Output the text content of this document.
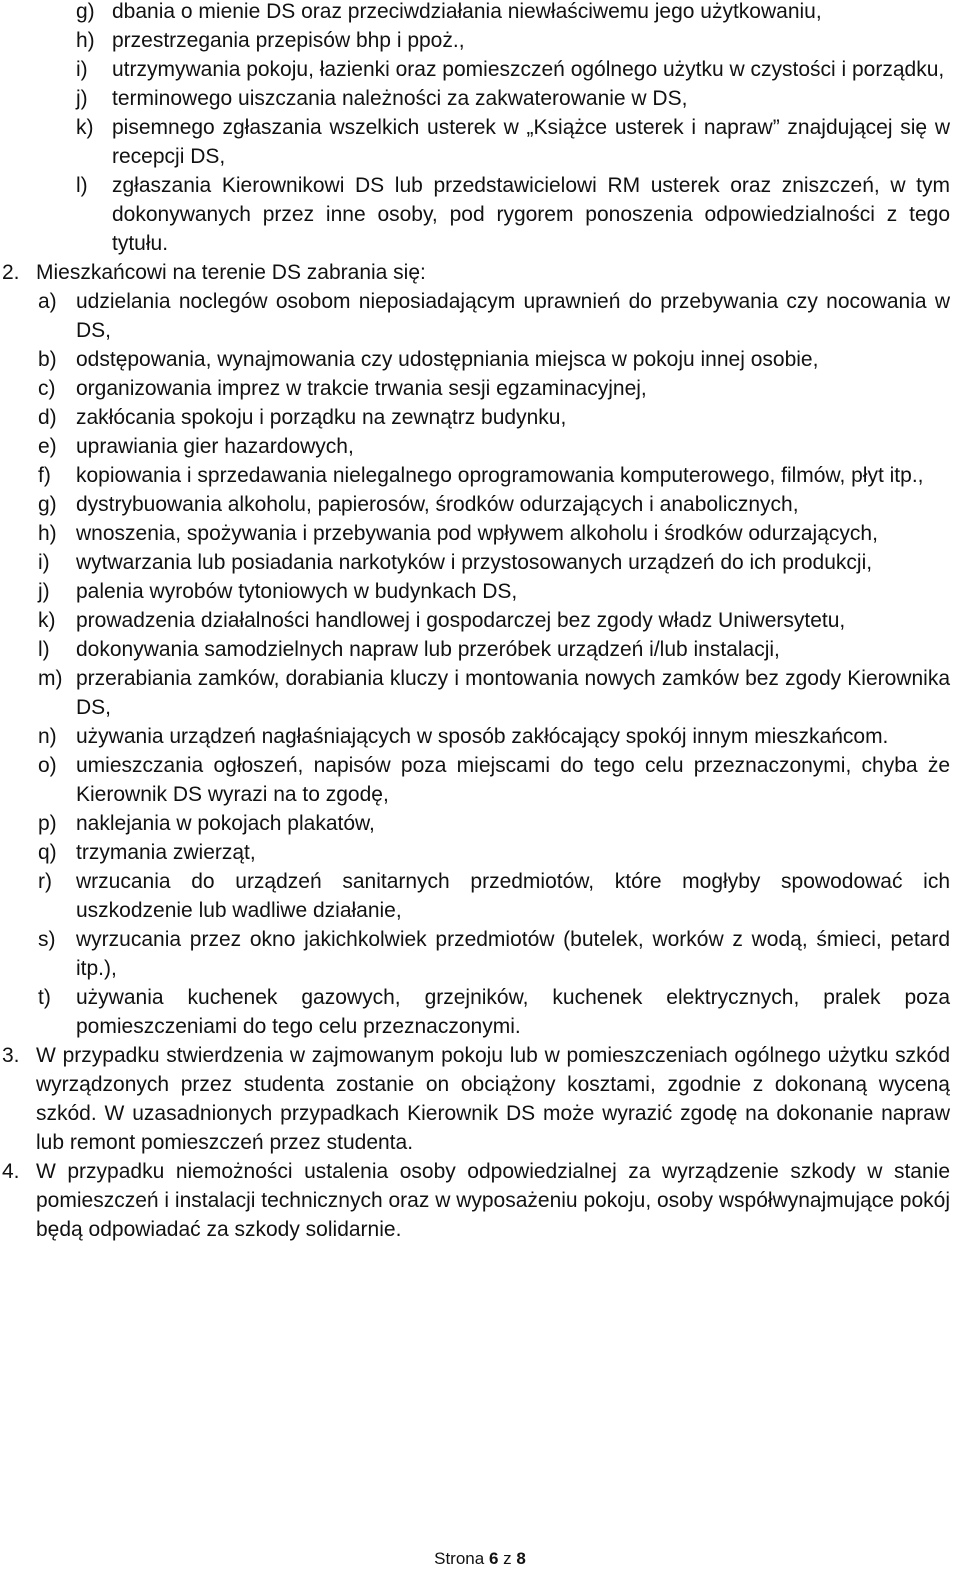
g) dbania o mienie DS oraz przeciwdziałania niewłaściwemu jego użytkowaniu,
h) przestrzegania przepisów bhp i ppoż.,
i) utrzymywania pokoju, łazienki oraz pomieszczeń ogólnego użytku w czystości i porządku,
j) terminowego uiszczania należności za zakwaterowanie w DS,
k) pisemnego zgłaszania wszelkich usterek w „Książce usterek i napraw” znajdującej się w recepcji DS,
l) zgłaszania Kierownikowi DS lub przedstawicielowi RM usterek oraz zniszczeń, w tym dokonywanych przez inne osoby, pod rygorem ponoszenia odpowiedzialności z tego tytułu.
2. Mieszkańcowi na terenie DS zabrania się:
a) udzielania noclegów osobom nieposiadającym uprawnień do przebywania czy nocowania w DS,
b) odstępowania, wynajmowania czy udostępniania miejsca w pokoju innej osobie,
c) organizowania imprez w trakcie trwania sesji egzaminacyjnej,
d) zakłócania spokoju i porządku na zewnątrz budynku,
e) uprawiania gier hazardowych,
f) kopiowania i sprzedawania nielegalnego oprogramowania komputerowego, filmów, płyt itp.,
g) dystrybuowania alkoholu, papierosów, środków odurzających i anabolicznych,
h) wnoszenia, spożywania i przebywania pod wpływem alkoholu i środków odurzających,
i) wytwarzania lub posiadania narkotyków i przystosowanych urządzeń do ich produkcji,
j) palenia wyrobów tytoniowych w budynkach DS,
k) prowadzenia działalności handlowej i gospodarczej bez zgody władz Uniwersytetu,
l) dokonywania samodzielnych napraw lub przeróbek urządzeń i/lub instalacji,
m) przerabiania zamków, dorabiania kluczy i montowania nowych zamków bez zgody Kierownika DS,
n) używania urządzeń nagłaśniających w sposób zakłócający spokój innym mieszkańcom.
o) umieszczania ogłoszeń, napisów poza miejscami do tego celu przeznaczonymi, chyba że Kierownik DS wyrazi na to zgodę,
p) naklejania w pokojach plakatów,
q) trzymania zwierząt,
r) wrzucania do urządzeń sanitarnych przedmiotów, które mogłyby spowodować ich uszkodzenie lub wadliwe działanie,
s) wyrzucania przez okno jakichkolwiek przedmiotów (butelek, worków z wodą, śmieci, petard itp.),
t) używania kuchenek gazowych, grzejników, kuchenek elektrycznych, pralek poza pomieszczeniami do tego celu przeznaczonymi.
3. W przypadku stwierdzenia w zajmowanym pokoju lub w pomieszczeniach ogólnego użytku szkód wyrządzonych przez studenta zostanie on obciążony kosztami, zgodnie z dokonaną wyceną szkód. W uzasadnionych przypadkach Kierownik DS może wyrazić zgodę na dokonanie napraw lub remont pomieszczeń przez studenta.
4. W przypadku niemożności ustalenia osoby odpowiedzialnej za wyrządzenie szkody w stanie pomieszczeń i instalacji technicznych oraz w wyposażeniu pokoju, osoby współwynajmujące pokój będą odpowiadać za szkody solidarnie.
Strona 6 z 8
